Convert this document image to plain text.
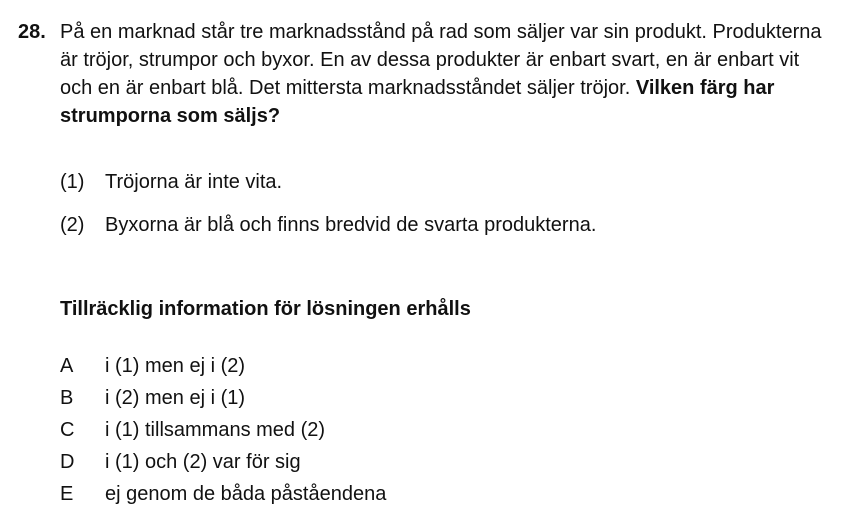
28. På en marknad står tre marknadsstånd på rad som säljer var sin produkt. Produkterna är tröjor, strumpor och byxor. En av dessa produkter är enbart svart, en är enbart vit och en är enbart blå. Det mittersta marknadsståndet säljer tröjor. Vilken färg har strumporna som säljs?

(1)	Tröjorna är inte vita.
(2)	Byxorna är blå och finns bredvid de svarta produkterna.

Tillräcklig information för lösningen erhålls

A	i (1) men ej i (2)
B	i (2) men ej i (1)
C	i (1) tillsammans med (2)
D	i (1) och (2) var för sig
E	ej genom de båda påståendena
